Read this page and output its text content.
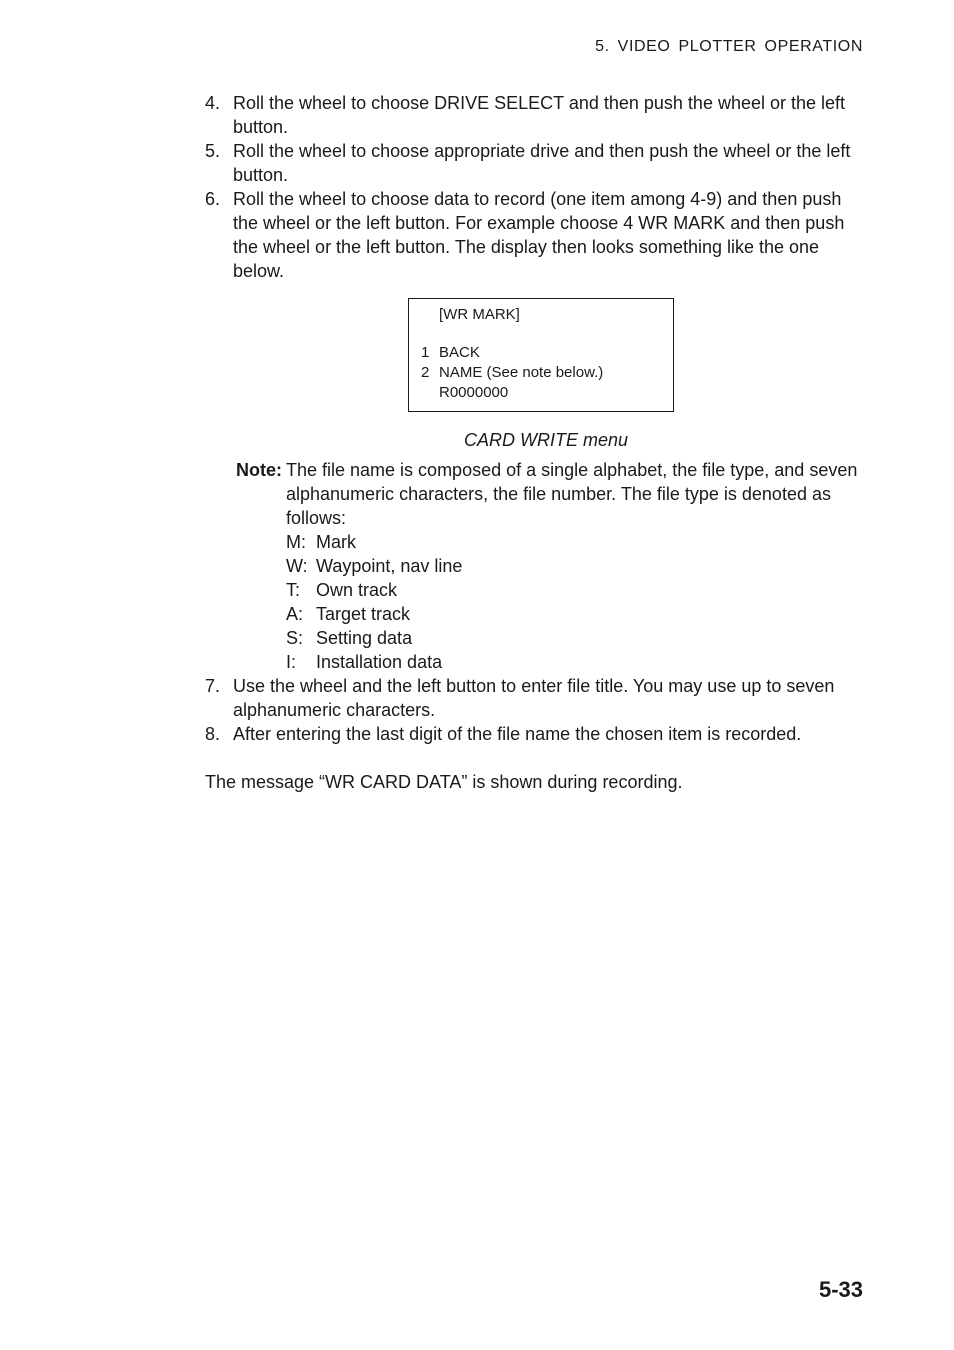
5. VIDEO PLOTTER OPERATION
4. Roll the wheel to choose DRIVE SELECT and then push the wheel or the left button.
5. Roll the wheel to choose appropriate drive and then push the wheel or the left button.
6. Roll the wheel to choose data to record (one item among 4-9) and then push the wheel or the left button. For example choose 4 WR MARK and then push the wheel or the left button. The display then looks something like the one below.
[WR MARK]
1 BACK
2 NAME (See note below.)
R0000000
CARD WRITE menu
Note: The file name is composed of a single alphabet, the file type, and seven alphanumeric characters, the file number. The file type is denoted as follows:
M: Mark
W: Waypoint, nav line
T: Own track
A: Target track
S: Setting data
I:	Installation data
7. Use the wheel and the left button to enter file title. You may use up to seven alphanumeric characters.
8. After entering the last digit of the file name the chosen item is recorded.
The message “WR CARD DATA” is shown during recording.
5-33
